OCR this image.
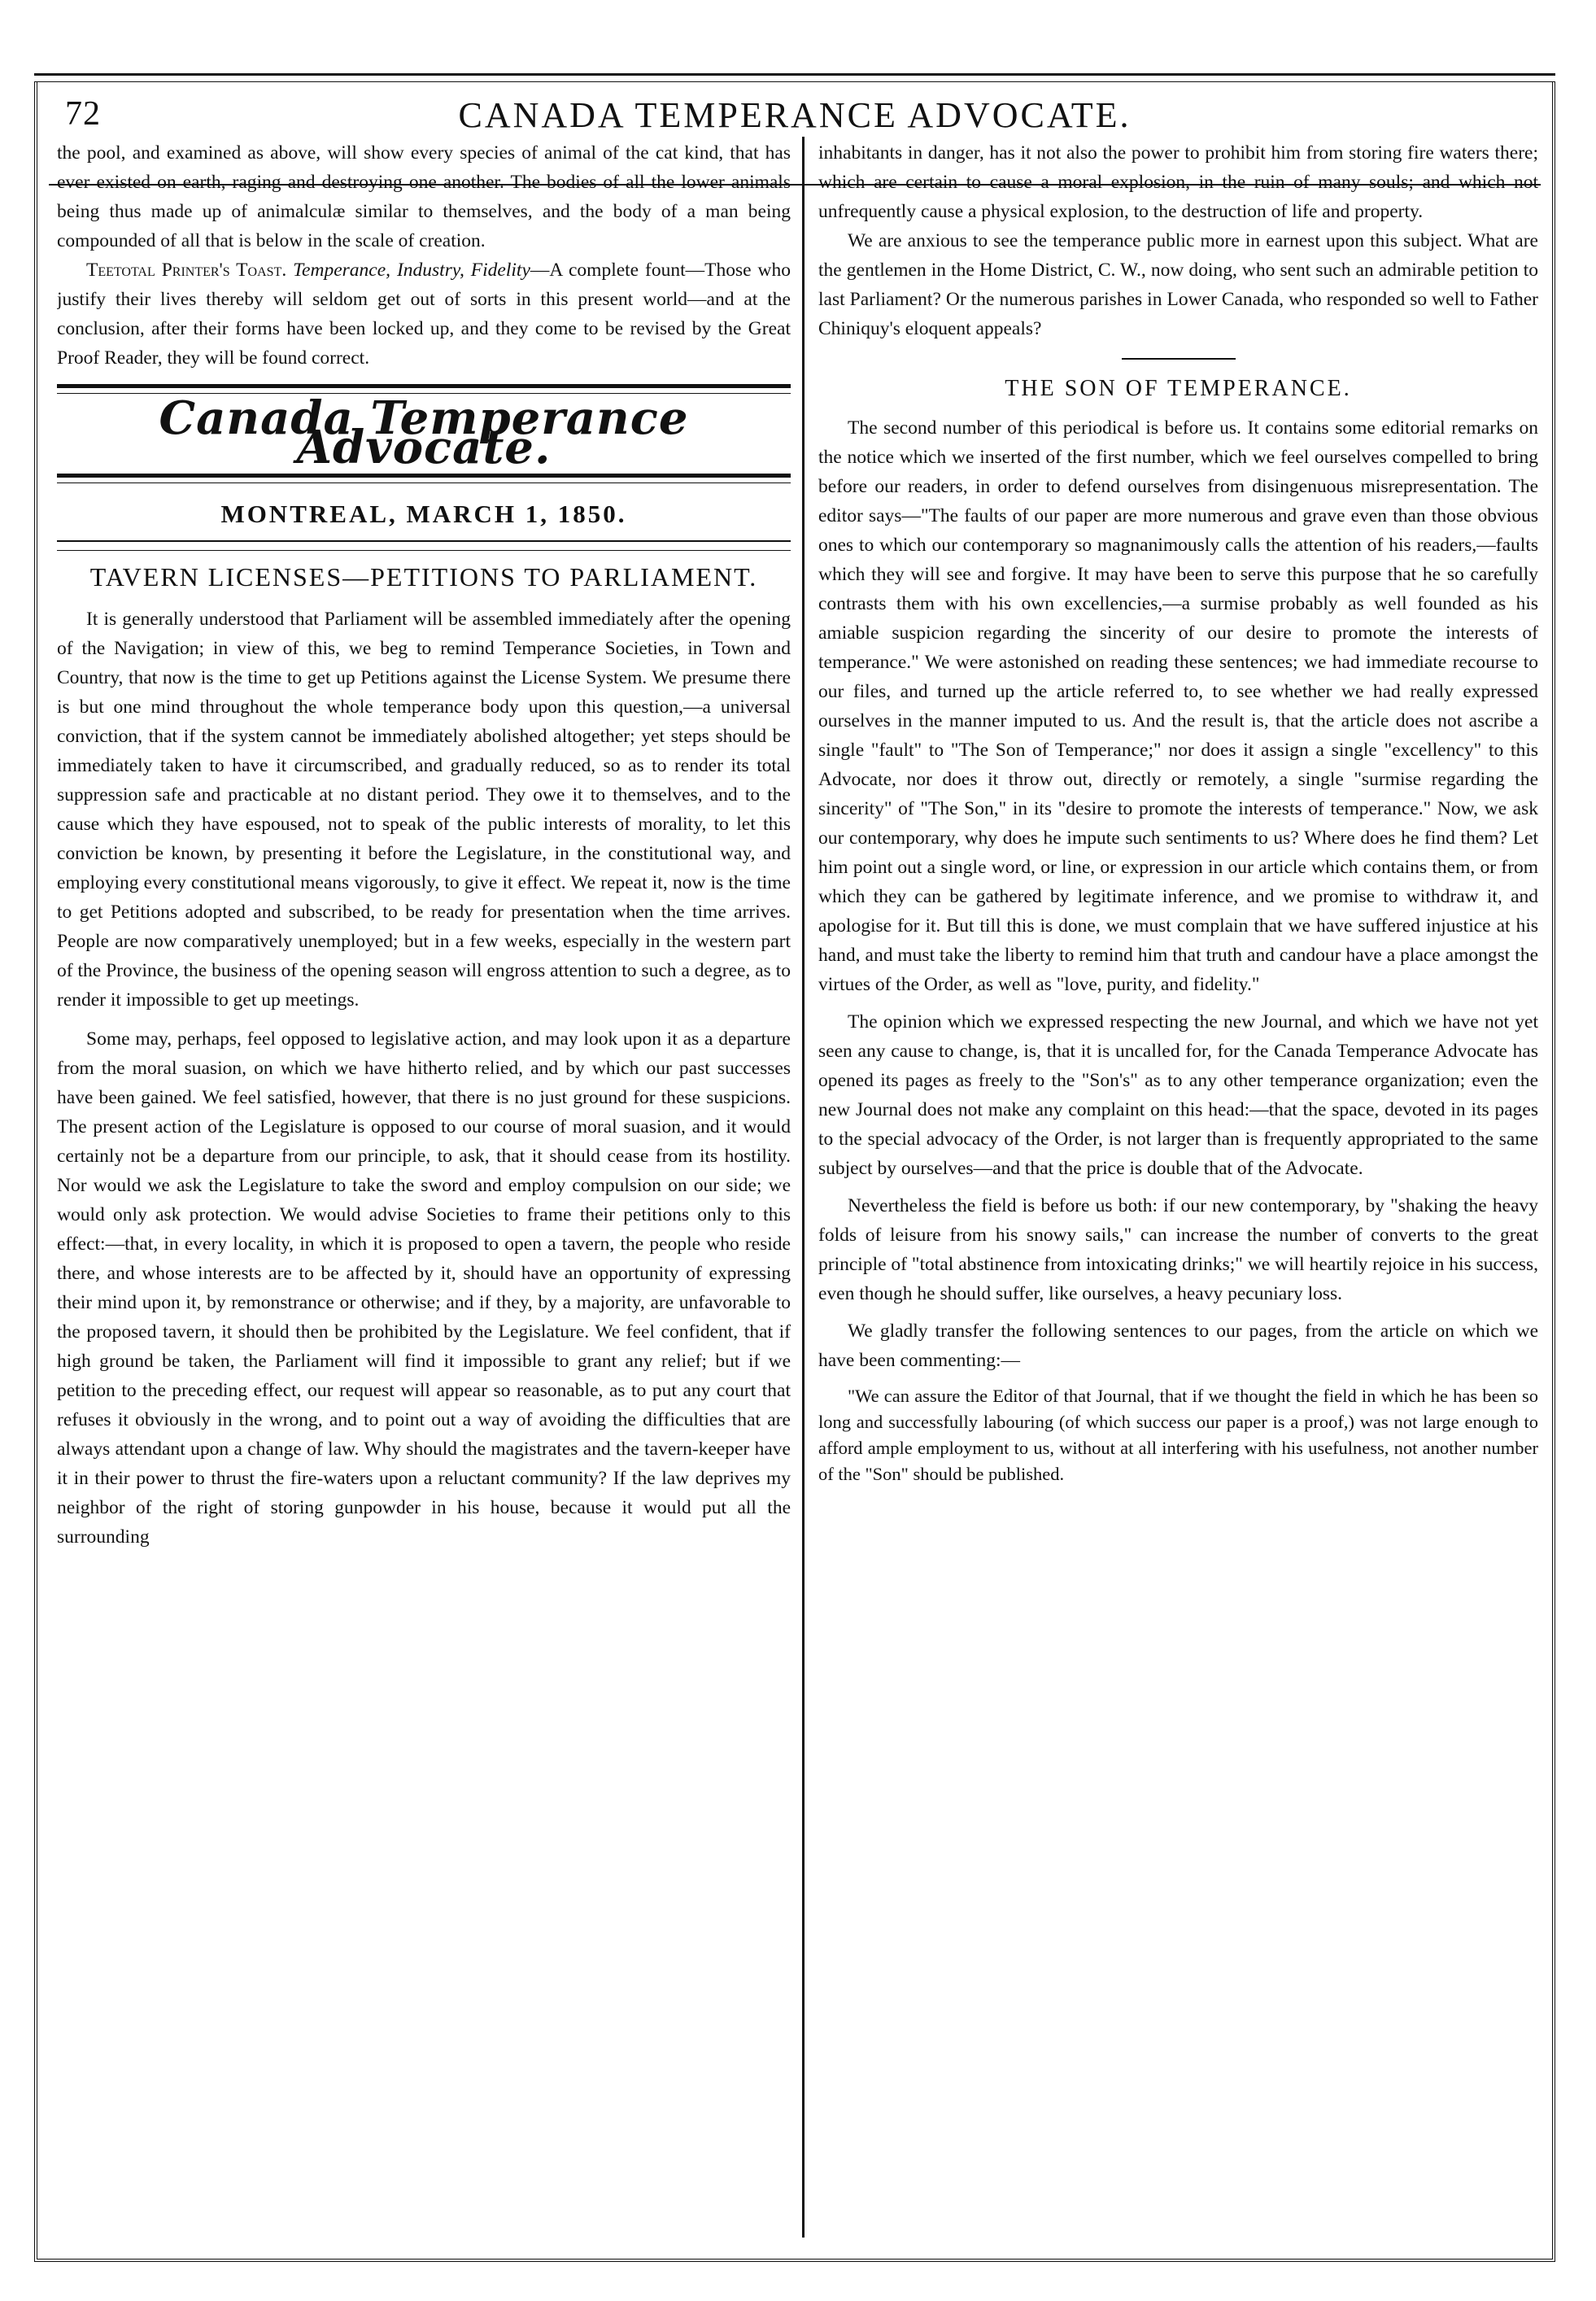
72	CANADA TEMPERANCE ADVOCATE.

the pool, and examined as above, will show every species of animal of the cat kind, that has ever existed on earth, raging and destroying one another. The bodies of all the lower animals being thus made up of animalculæ similar to themselves, and the body of a man being compounded of all that is below in the scale of creation.

Teetotal Printer's Toast. Temperance, Industry, Fidelity—A complete fount—Those who justify their lives thereby will seldom get out of sorts in this present world—and at the conclusion, after their forms have been locked up, and they come to be revised by the Great Proof Reader, they will be found correct.

Canada Temperance Advocate.
MONTREAL, MARCH 1, 1850.
TAVERN LICENSES—PETITIONS TO PARLIAMENT.

It is generally understood that Parliament will be assembled immediately after the opening of the Navigation; in view of this, we beg to remind Temperance Societies, in Town and Country, that now is the time to get up Petitions against the License System. We presume there is but one mind throughout the whole temperance body upon this question,—a universal conviction, that if the system cannot be immediately abolished altogether; yet steps should be immediately taken to have it circumscribed, and gradually reduced, so as to render its total suppression safe and practicable at no distant period. They owe it to themselves, and to the cause which they have espoused, not to speak of the public interests of morality, to let this conviction be known, by presenting it before the Legislature, in the constitutional way, and employing every constitutional means vigorously, to give it effect. We repeat it, now is the time to get Petitions adopted and subscribed, to be ready for presentation when the time arrives. People are now comparatively unemployed; but in a few weeks, especially in the western part of the Province, the business of the opening season will engross attention to such a degree, as to render it impossible to get up meetings.

Some may, perhaps, feel opposed to legislative action, and may look upon it as a departure from the moral suasion, on which we have hitherto relied, and by which our past successes have been gained. We feel satisfied, however, that there is no just ground for these suspicions. The present action of the Legislature is opposed to our course of moral suasion, and it would certainly not be a departure from our principle, to ask, that it should cease from its hostility. Nor would we ask the Legislature to take the sword and employ compulsion on our side; we would only ask protection. We would advise Societies to frame their petitions only to this effect:—that, in every locality, in which it is proposed to open a tavern, the people who reside there, and whose interests are to be affected by it, should have an opportunity of expressing their mind upon it, by remonstrance or otherwise; and if they, by a majority, are unfavorable to the proposed tavern, it should then be prohibited by the Legislature. We feel confident, that if high ground be taken, the Parliament will find it impossible to grant any relief; but if we petition to the preceding effect, our request will appear so reasonable, as to put any court that refuses it obviously in the wrong, and to point out a way of avoiding the difficulties that are always attendant upon a change of law. Why should the magistrates and the tavern-keeper have it in their power to thrust the fire-waters upon a reluctant community? If the law deprives my neighbor of the right of storing gunpowder in his house, because it would put all the surrounding

inhabitants in danger, has it not also the power to prohibit him from storing fire waters there; which are certain to cause a moral explosion, in the ruin of many souls; and which not unfrequently cause a physical explosion, to the destruction of life and property.

We are anxious to see the temperance public more in earnest upon this subject. What are the gentlemen in the Home District, C. W., now doing, who sent such an admirable petition to last Parliament? Or the numerous parishes in Lower Canada, who responded so well to Father Chiniquy's eloquent appeals?

THE SON OF TEMPERANCE.

The second number of this periodical is before us. It contains some editorial remarks on the notice which we inserted of the first number, which we feel ourselves compelled to bring before our readers, in order to defend ourselves from disingenuous misrepresentation. The editor says—"The faults of our paper are more numerous and grave even than those obvious ones to which our contemporary so magnanimously calls the attention of his readers,—faults which they will see and forgive. It may have been to serve this purpose that he so carefully contrasts them with his own excellencies,—a surmise probably as well founded as his amiable suspicion regarding the sincerity of our desire to promote the interests of temperance." We were astonished on reading these sentences; we had immediate recourse to our files, and turned up the article referred to, to see whether we had really expressed ourselves in the manner imputed to us. And the result is, that the article does not ascribe a single "fault" to "The Son of Temperance;" nor does it assign a single "excellency" to this Advocate, nor does it throw out, directly or remotely, a single "surmise regarding the sincerity" of "The Son," in its "desire to promote the interests of temperance." Now, we ask our contemporary, why does he impute such sentiments to us? Where does he find them? Let him point out a single word, or line, or expression in our article which contains them, or from which they can be gathered by legitimate inference, and we promise to withdraw it, and apologise for it. But till this is done, we must complain that we have suffered injustice at his hand, and must take the liberty to remind him that truth and candour have a place amongst the virtues of the Order, as well as "love, purity, and fidelity."

The opinion which we expressed respecting the new Journal, and which we have not yet seen any cause to change, is, that it is uncalled for, for the Canada Temperance Advocate has opened its pages as freely to the "Son's" as to any other temperance organization; even the new Journal does not make any complaint on this head:—that the space, devoted in its pages to the special advocacy of the Order, is not larger than is frequently appropriated to the same subject by ourselves—and that the price is double that of the Advocate.

Nevertheless the field is before us both: if our new contemporary, by "shaking the heavy folds of leisure from his snowy sails," can increase the number of converts to the great principle of "total abstinence from intoxicating drinks;" we will heartily rejoice in his success, even though he should suffer, like ourselves, a heavy pecuniary loss.

We gladly transfer the following sentences to our pages, from the article on which we have been commenting:—

"We can assure the Editor of that Journal, that if we thought the field in which he has been so long and successfully labouring (of which success our paper is a proof,) was not large enough to afford ample employment to us, without at all interfering with his usefulness, not another number of the "Son" should be published.
